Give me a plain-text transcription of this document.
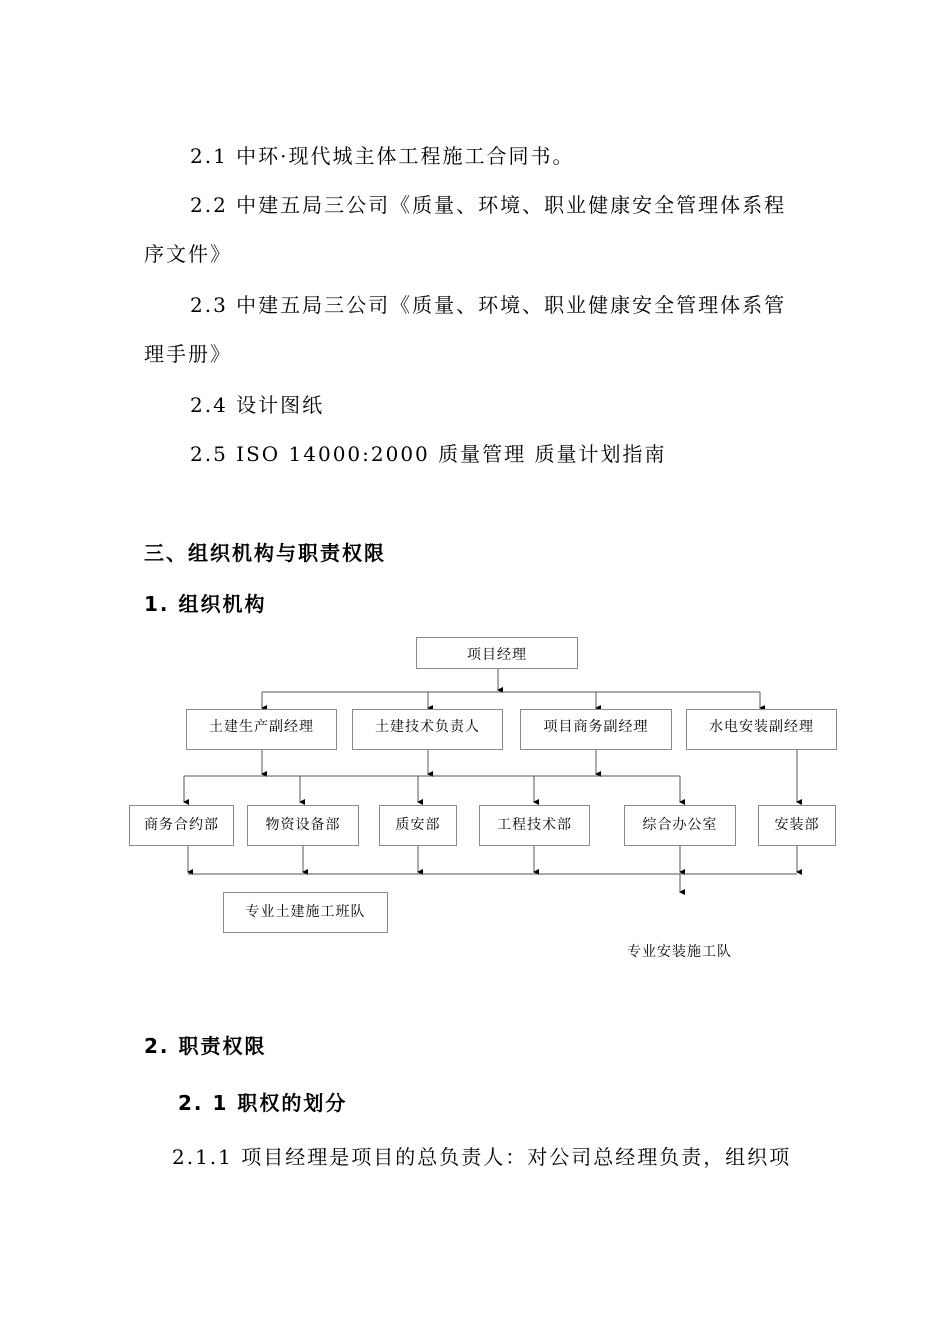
2.1 中环·现代城主体工程施工合同书。
2.2 中建五局三公司《质量、环境、职业健康安全管理体系程
序文件》
2.3 中建五局三公司《质量、环境、职业健康安全管理体系管
理手册》
2.4 设计图纸
2.5 ISO 14000:2000 质量管理 质量计划指南
三、组织机构与职责权限
1. 组织机构
项目经理
土建生产副经理	土建技术负责人	项目商务副经理	水电安装副经理
商务合约部	物资设备部	质安部	工程技术部	综合办公室	安装部
专业土建施工班队
专业安装施工队
2. 职责权限
2. 1 职权的划分
2.1.1 项目经理是项目的总负责人：对公司总经理负责，组织项
